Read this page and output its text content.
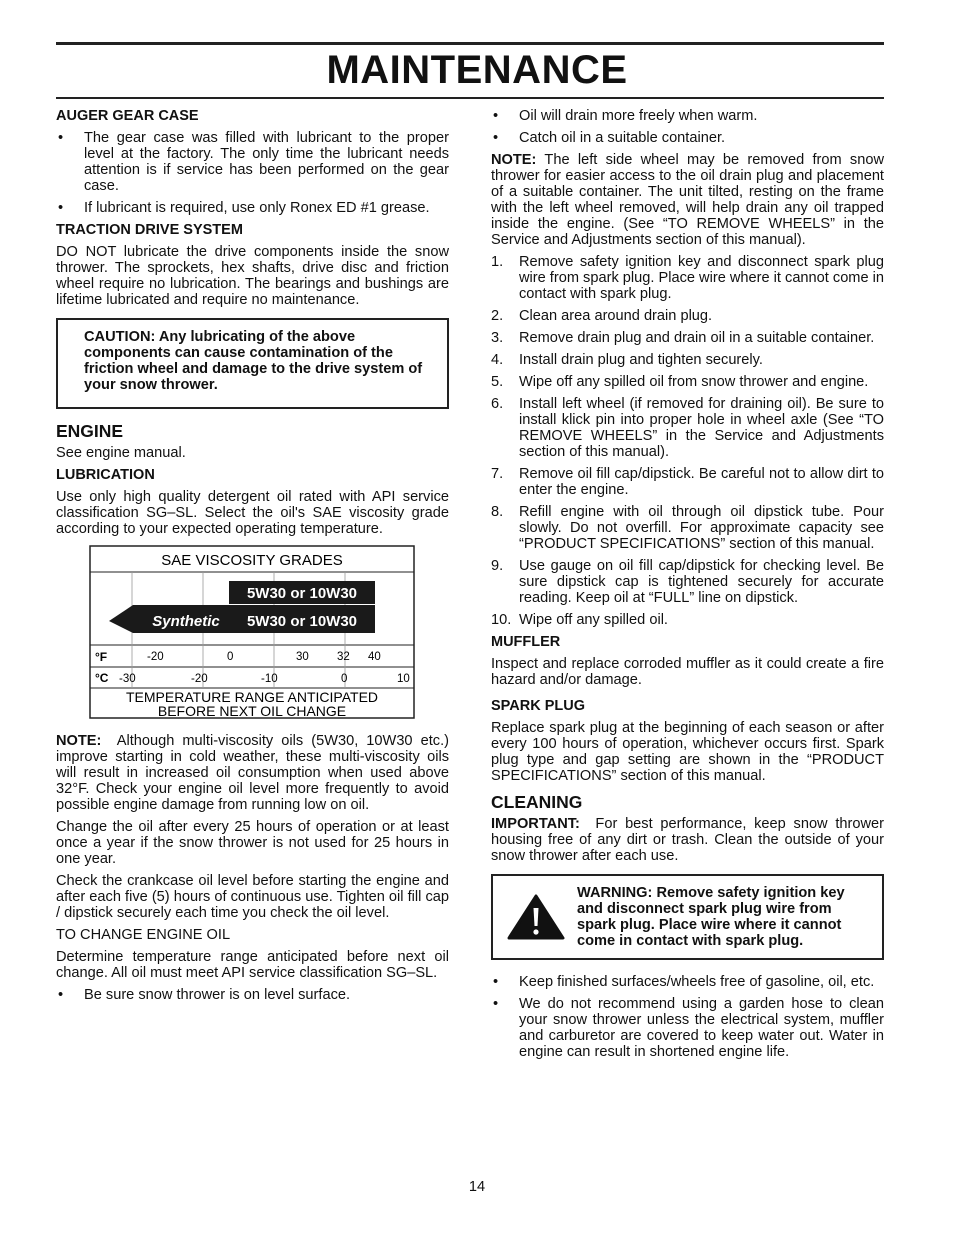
MAINTENANCE
AUGER GEAR CASE
• The gear case was filled with lubricant to the proper level at the factory. The only time the lubricant needs attention is if service has been performed on the gear case.
• If lubricant is required, use only Ronex ED #1 grease.
TRACTION DRIVE SYSTEM

DO NOT lubricate the drive components inside the snow thrower. The sprockets, hex shafts, drive disc and friction wheel require no lubrication. The bearings and bushings are lifetime lubricated and require no maintenance.

CAUTION: Any lubricating of the above components can cause contamination of the friction wheel and damage to the drive system of your snow thrower.
ENGINE

See engine manual.

LUBRICATION

Use only high quality detergent oil rated with API service classification SG–SL. Select the oil's SAE viscosity grade according to your expected operating temperature.

SAE VISCOSITY GRADES
5W30 or 10W30
Synthetic 5W30 or 10W30
°F	-20	0	30 32 40
°C -30	-20	-10	0	10
TEMPERATURE RANGE ANTICIPATED
BEFORE NEXT OIL CHANGE

NOTE: Although multi-viscosity oils (5W30, 10W30 etc.) improve starting in cold weather, these multi-viscosity oils will result in increased oil consumption when used above 32°F. Check your engine oil level more frequently to avoid possible engine damage from running low on oil.

Change the oil after every 25 hours of operation or at least once a year if the snow thrower is not used for 25 hours in one year.

Check the crankcase oil level before starting the engine and after each five (5) hours of continuous use. Tighten oil fill cap / dipstick securely each time you check the oil level.

TO CHANGE ENGINE OIL

Determine temperature range anticipated before next oil change. All oil must meet API service classification SG–SL.

• Be sure snow thrower is on level surface.
• Oil will drain more freely when warm.
• Catch oil in a suitable container.

NOTE: The left side wheel may be removed from snow thrower for easier access to the oil drain plug and placement of a suitable container. The unit tilted, resting on the frame with the left wheel removed, will help drain any oil trapped inside the engine. (See “TO REMOVE WHEELS” in the Service and Adjustments section of this manual).

1. Remove safety ignition key and disconnect spark plug wire from spark plug. Place wire where it cannot come in contact with spark plug.
2. Clean area around drain plug.
3. Remove drain plug and drain oil in a suitable container.
4. Install drain plug and tighten securely.
5. Wipe off any spilled oil from snow thrower and engine.
6. Install left wheel (if removed for draining oil). Be sure to install klick pin into proper hole in wheel axle (See “TO REMOVE WHEELS” in the Service and Adjustments section of this manual).
7. Remove oil fill cap/dipstick. Be careful not to allow dirt to enter the engine.
8. Refill engine with oil through oil dipstick tube. Pour slowly. Do not overfill. For approximate capacity see “PRODUCT SPECIFICATIONS” section of this manual.
9. Use gauge on oil fill cap/dipstick for checking level. Be sure dipstick cap is tightened securely for accurate reading. Keep oil at “FULL” line on dipstick.
10. Wipe off any spilled oil.
MUFFLER

Inspect and replace corroded muffler as it could create a fire hazard and/or damage.

SPARK PLUG

Replace spark plug at the beginning of each season or after every 100 hours of operation, whichever occurs first. Spark plug type and gap setting are shown in the “PRODUCT SPECIFICATIONS” section of this manual.

CLEANING

IMPORTANT: For best performance, keep snow thrower housing free of any dirt or trash. Clean the outside of your snow thrower after each use.

WARNING: Remove safety ignition key and disconnect spark plug wire from spark plug. Place wire where it cannot come in contact with spark plug.
• Keep finished surfaces/wheels free of gasoline, oil, etc.
• We do not recommend using a garden hose to clean your snow thrower unless the electrical system, muffler and carburetor are covered to keep water out. Water in engine can result in shortened engine life.
14
